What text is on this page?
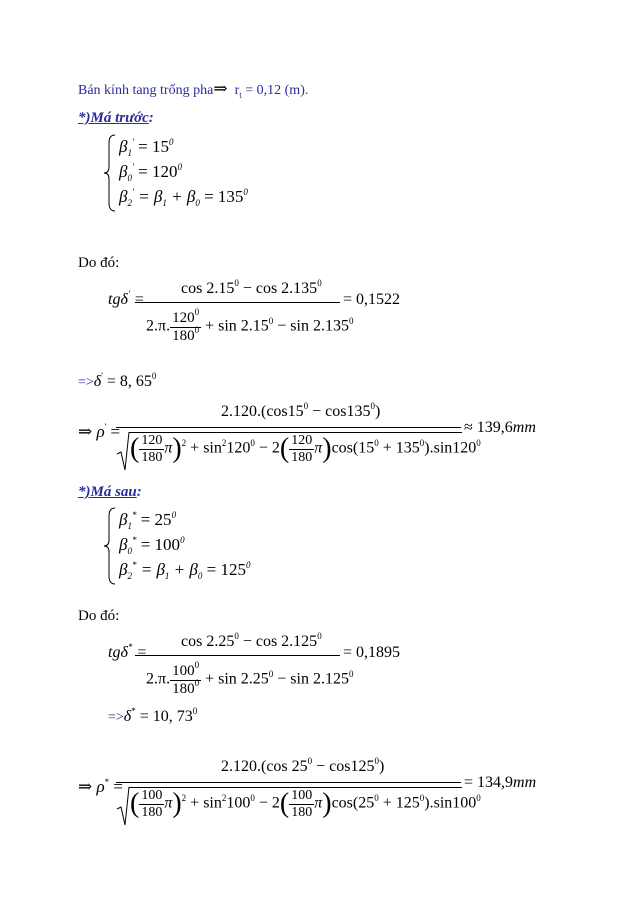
Bán kính tang trống pha⇒ $r_t = 0,12$ (m).
*)Má trước:
$\beta_1' = 15^0$
$\beta_0' = 120^0$
$\beta_2' = \beta_1 + \beta_0 = 135^0$
Do đó:
tgδ' =
$\cos 2.15^0 - \cos 2.135^0$
2.π. $\frac{120^0}{180^0} + \sin 2.15^0 - \sin 2.135^0$
= 0,1522
=>δ' = 8, $65^0$
⇒ ρ' =
$2.120.(\cos 15^0 - \cos 135^0)$
( $\frac{120}{180} \pi)^2 + \sin^2120^0 - 2( \frac{120}{180} \pi)\cos(15^0 + 135^0).\sin 120^0$
≈ 139,6mm
*)Má sau:
$\beta_1^* = 25^0$
$\beta_0^* = 100^0$
$\beta_2^* = \beta_1 + \beta_0 = 125^0$
Do đó:
tgδ* =
$\cos 2.25^0 - \cos 2.125^0$
2.π. $\frac{100^0}{180^0} + \sin 2.25^0 - \sin 2.125^0$
= 0,1895
=>δ* = 10, $73^0$
⇒ ρ* =
2.120.(cos $25^0 - \cos 125^0$)
( $\frac{100}{180} \pi)^2 + \sin^2100^0 - 2( \frac{100}{180} \pi)\cos(25^0 + 125^0).\sin 100^0$
= 134,9mm
